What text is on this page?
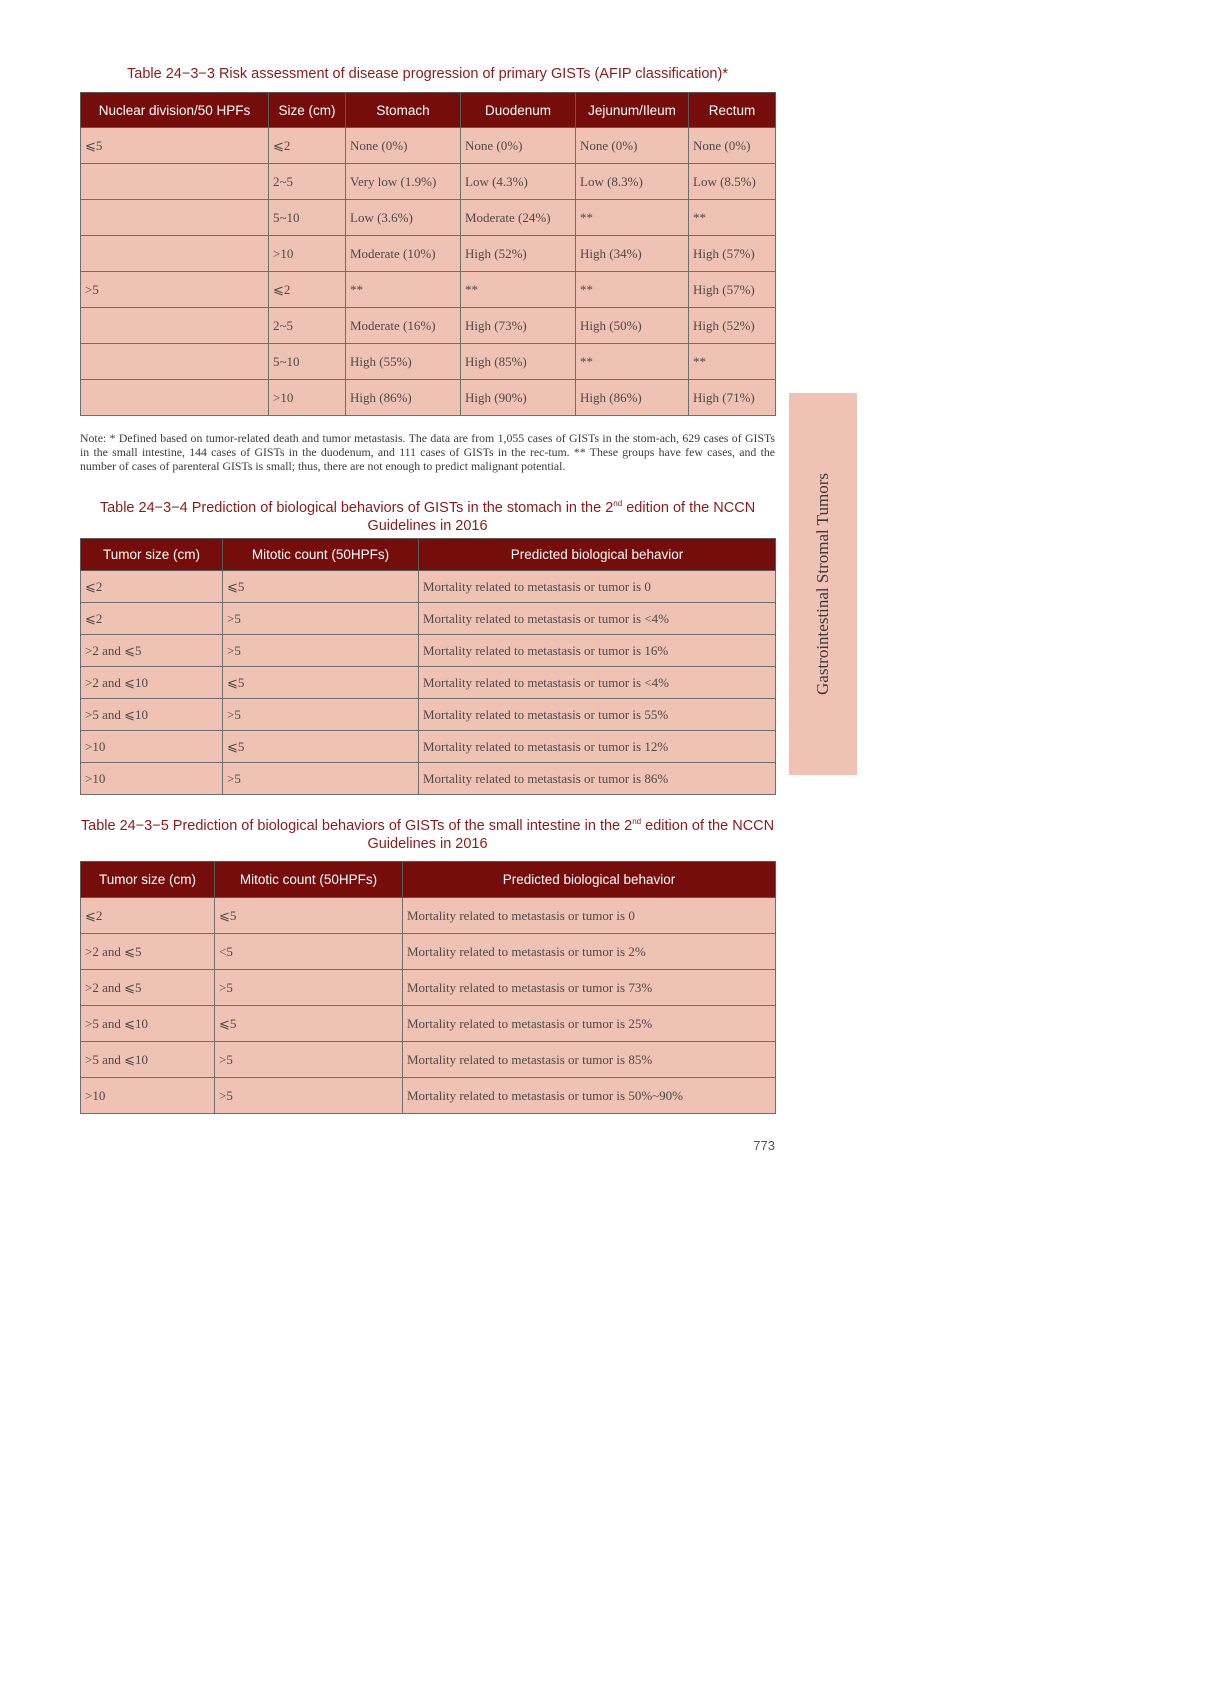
Table 24−3−3 Risk assessment of disease progression of primary GISTs (AFIP classification)*
Nuclear division/50 HPFs	Size (cm)	Stomach	Duodenum	Jejunum/Ileum	Rectum
⩽5	⩽2	None (0%)	None (0%)	None (0%)	None (0%)
	2~5	Very low (1.9%)	Low (4.3%)	Low (8.3%)	Low (8.5%)
	5~10	Low (3.6%)	Moderate (24%)	**	**
	>10	Moderate (10%)	High (52%)	High (34%)	High (57%)
>5	⩽2	**	**	**	High (57%)
	2~5	Moderate (16%)	High (73%)	High (50%)	High (52%)
	5~10	High (55%)	High (85%)	**	**
	>10	High (86%)	High (90%)	High (86%)	High (71%)
Note: * Defined based on tumor-related death and tumor metastasis. The data are from 1,055 cases of GISTs in the stom-ach, 629 cases of GISTs in the small intestine, 144 cases of GISTs in the duodenum, and 111 cases of GISTs in the rec-tum. ** These groups have few cases, and the number of cases of parenteral GISTs is small; thus, there are not enough to predict malignant potential.
Table 24−3−4 Prediction of biological behaviors of GISTs in the stomach in the 2nd edition of the NCCN Guidelines in 2016
Tumor size (cm)	Mitotic count (50HPFs)	Predicted biological behavior
⩽2	⩽5	Mortality related to metastasis or tumor is 0
⩽2	>5	Mortality related to metastasis or tumor is <4%
>2 and ⩽5	>5	Mortality related to metastasis or tumor is 16%
>2 and ⩽10	⩽5	Mortality related to metastasis or tumor is <4%
>5 and ⩽10	>5	Mortality related to metastasis or tumor is 55%
>10	⩽5	Mortality related to metastasis or tumor is 12%
>10	>5	Mortality related to metastasis or tumor is 86%
Table 24−3−5 Prediction of biological behaviors of GISTs of the small intestine in the 2nd edition of the NCCN Guidelines in 2016
Tumor size (cm)	Mitotic count (50HPFs)	Predicted biological behavior
⩽2	⩽5	Mortality related to metastasis or tumor is 0
>2 and ⩽5	<5	Mortality related to metastasis or tumor is 2%
>2 and ⩽5	>5	Mortality related to metastasis or tumor is 73%
>5 and ⩽10	⩽5	Mortality related to metastasis or tumor is 25%
>5 and ⩽10	>5	Mortality related to metastasis or tumor is 85%
>10	>5	Mortality related to metastasis or tumor is 50%~90%
773
Gastrointestinal Stromal Tumors
